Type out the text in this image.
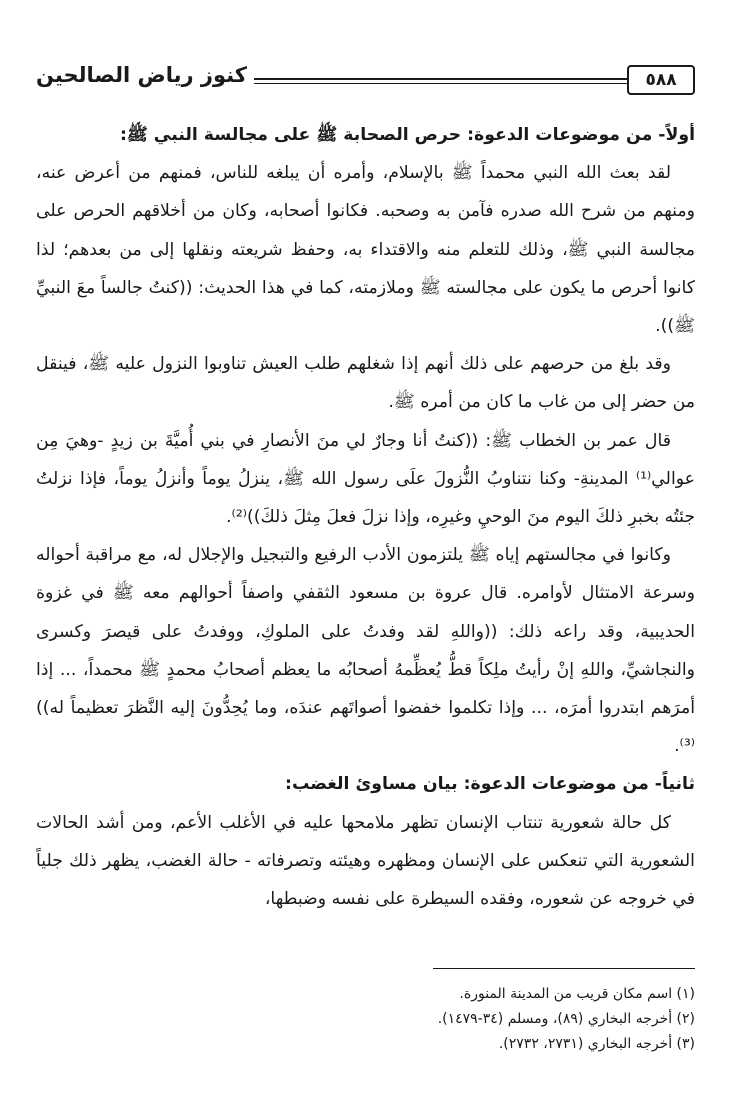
٥٨٨
كنوز رياض الصالحين

أولاً- من موضوعات الدعوة: حرص الصحابة ﷺ على مجالسة النبي ﷺ:

لقد بعث الله النبي محمداً ﷺ بالإسلام، وأمره أن يبلغه للناس، فمنهم من أعرض عنه، ومنهم من شرح الله صدره فآمن به وصحبه. فكانوا أصحابه، وكان من أخلاقهم الحرص على مجالسة النبي ﷺ، وذلك للتعلم منه والاقتداء به، وحفظ شريعته ونقلها إلى من بعدهم؛ لذا كانوا أحرص ما يكون على مجالسته ﷺ وملازمته، كما في هذا الحديث: ((كنتُ جالساً معَ النبيِّ ﷺ)).

وقد بلغ من حرصهم على ذلك أنهم إذا شغلهم طلب العيش تناوبوا النزول عليه ﷺ، فينقل من حضر إلى من غاب ما كان من أمره ﷺ.

قال عمر بن الخطاب ﷺ: ((كنتُ أنا وجارٌ لي منَ الأنصارِ في بني أُميَّةَ بن زيدٍ -وهيَ مِن عوالي⁽¹⁾ المدينةِ- وكنا نتناوبُ النُّزولَ علَى رسول الله ﷺ، ينزلُ يوماً وأنزلُ يوماً، فإذا نزلتُ جئتُه بخبرِ ذلكَ اليوم منَ الوحيِ وغيرِه، وإذا نزلَ فعلَ مِثلَ ذلكَ))⁽²⁾.

وكانوا في مجالستهم إياه ﷺ يلتزمون الأدب الرفيع والتبجيل والإجلال له، مع مراقبة أحواله وسرعة الامتثال لأوامره. قال عروة بن مسعود الثقفي واصفاً أحوالهم معه ﷺ في غزوة الحديبية، وقد راعه ذلك: ((واللهِ لقد وفدتُ على الملوكِ، ووفدتُ على قيصرَ وكسرى والنجاشيِّ، واللهِ إنْ رأيتُ ملِكاً قطُّ يُعظِّمهُ أصحابُه ما يعظم أصحابُ محمدٍ ﷺ محمداً، ... إذا أمرَهم ابتدروا أمرَه، ... وإذا تكلموا خفضوا أصواتَهم عندَه، وما يُحِدُّونَ إليه النَّظرَ تعظيماً له))⁽³⁾.

ثانياً- من موضوعات الدعوة: بيان مساوئ الغضب:

كل حالة شعورية تنتاب الإنسان تظهر ملامحها عليه في الأغلب الأعم، ومن أشد الحالات الشعورية التي تنعكس على الإنسان ومظهره وهيئته وتصرفاته - حالة الغضب، يظهر ذلك جلياً في خروجه عن شعوره، وفقده السيطرة على نفسه وضبطها،

(١) اسم مكان قريب من المدينة المنورة.
(٢) أخرجه البخاري (٨٩)، ومسلم (٣٤-١٤٧٩).
(٣) أخرجه البخاري (٢٧٣١، ٢٧٣٢).
